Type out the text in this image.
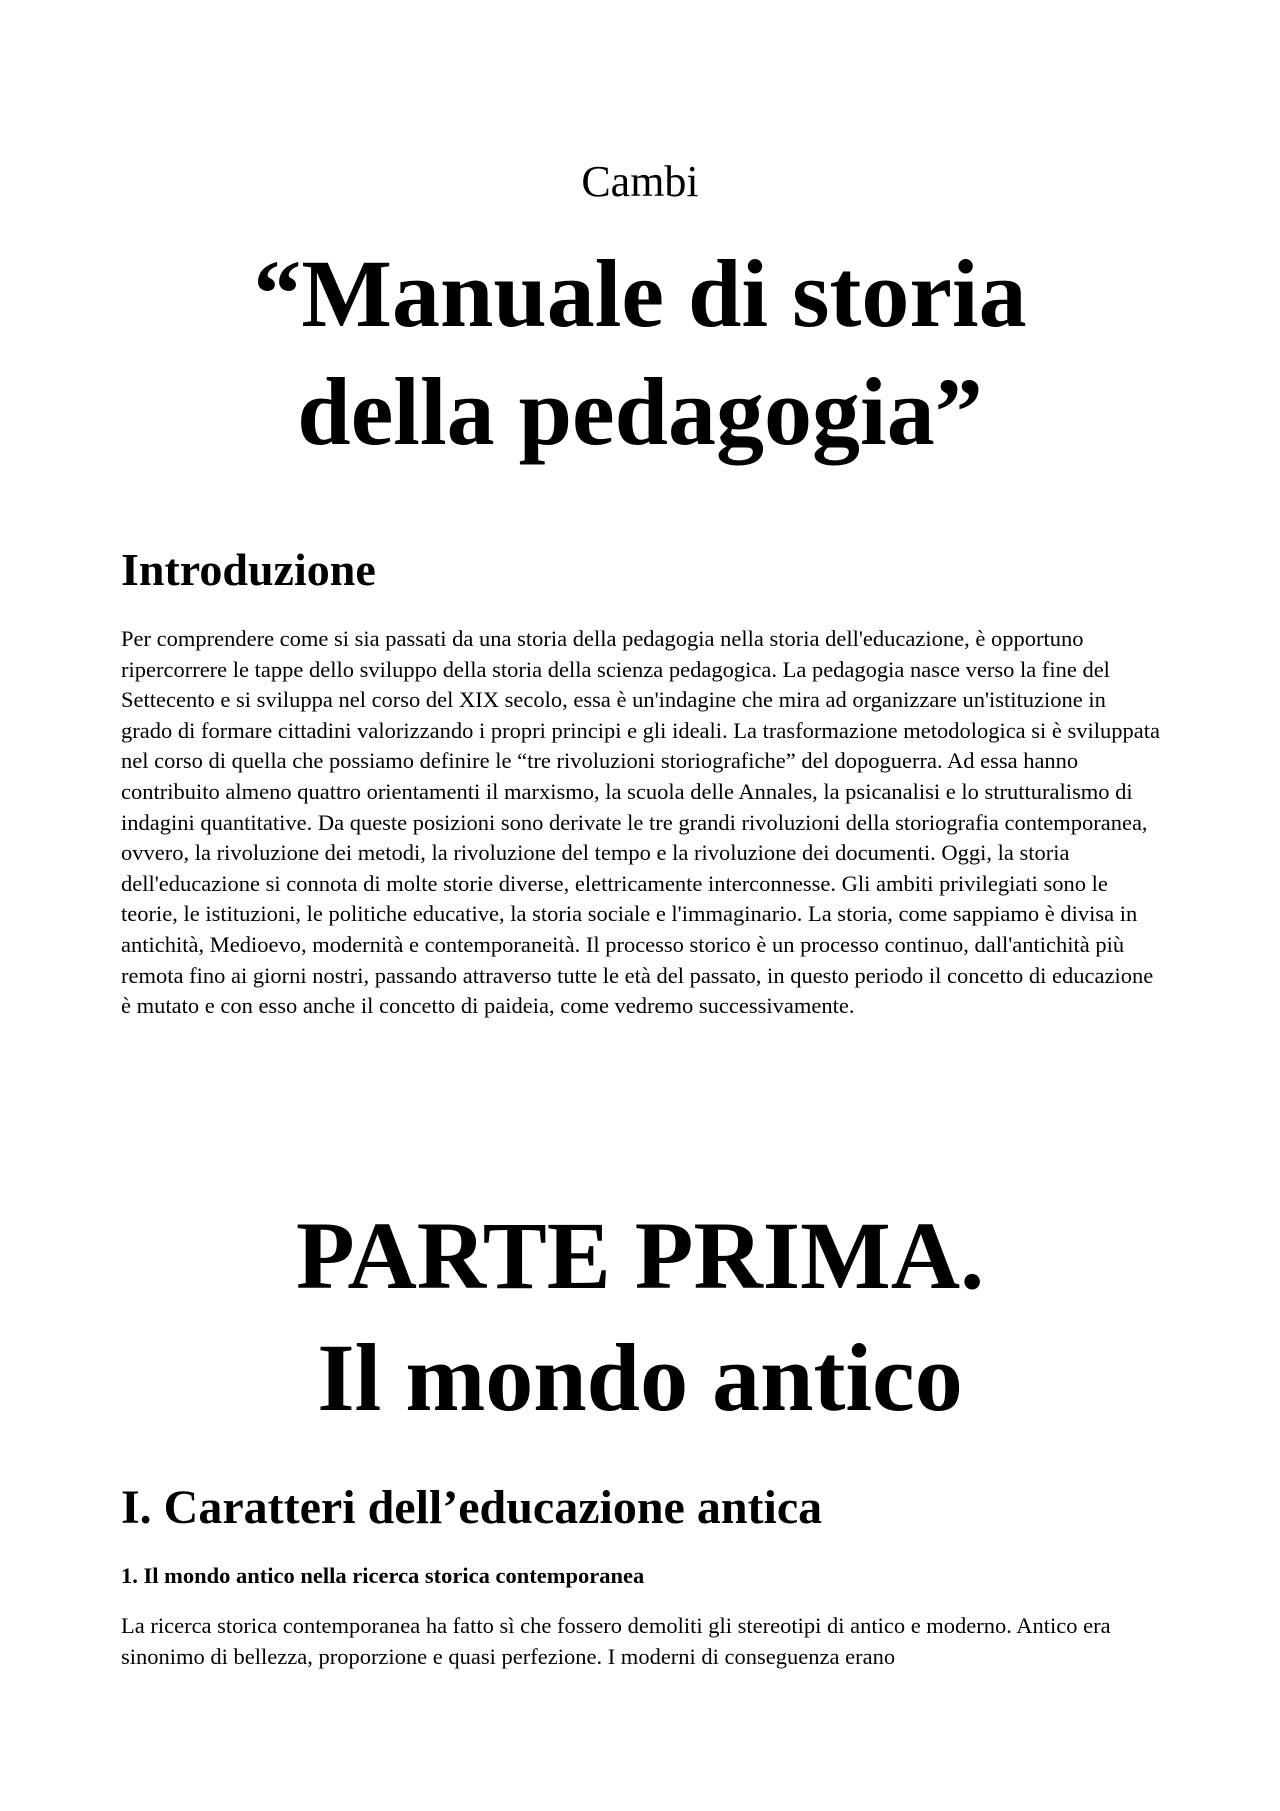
Cambi
“Manuale di storia
della pedagogia”
Introduzione

Per comprendere come si sia passati da una storia della pedagogia nella storia dell'educazione, è opportuno ripercorrere le tappe dello sviluppo della storia della scienza pedagogica. La pedagogia nasce verso la fine del Settecento e si sviluppa nel corso del XIX secolo, essa è un'indagine che mira ad organizzare un'istituzione in grado di formare cittadini valorizzando i propri principi e gli ideali. La trasformazione metodologica si è sviluppata nel corso di quella che possiamo definire le “tre rivoluzioni storiografiche” del dopoguerra. Ad essa hanno contribuito almeno quattro orientamenti il marxismo, la scuola delle Annales, la psicanalisi e lo strutturalismo di indagini quantitative. Da queste posizioni sono derivate le tre grandi rivoluzioni della storiografia contemporanea, ovvero, la rivoluzione dei metodi, la rivoluzione del tempo e la rivoluzione dei documenti. Oggi, la storia dell'educazione si connota di molte storie diverse, elettricamente interconnesse. Gli ambiti privilegiati sono le teorie, le istituzioni, le politiche educative, la storia sociale e l'immaginario. La storia, come sappiamo è divisa in antichità, Medioevo, modernità e contemporaneità. Il processo storico è un processo continuo, dall'antichità più remota fino ai giorni nostri, passando attraverso tutte le età del passato, in questo periodo il concetto di educazione è mutato e con esso anche il concetto di paideia, come vedremo successivamente.

PARTE PRIMA.
Il mondo antico
I. Caratteri dell’educazione antica
1. Il mondo antico nella ricerca storica contemporanea

La ricerca storica contemporanea ha fatto sì che fossero demoliti gli stereotipi di antico e moderno. Antico era sinonimo di bellezza, proporzione e quasi perfezione. I moderni di conseguenza erano
